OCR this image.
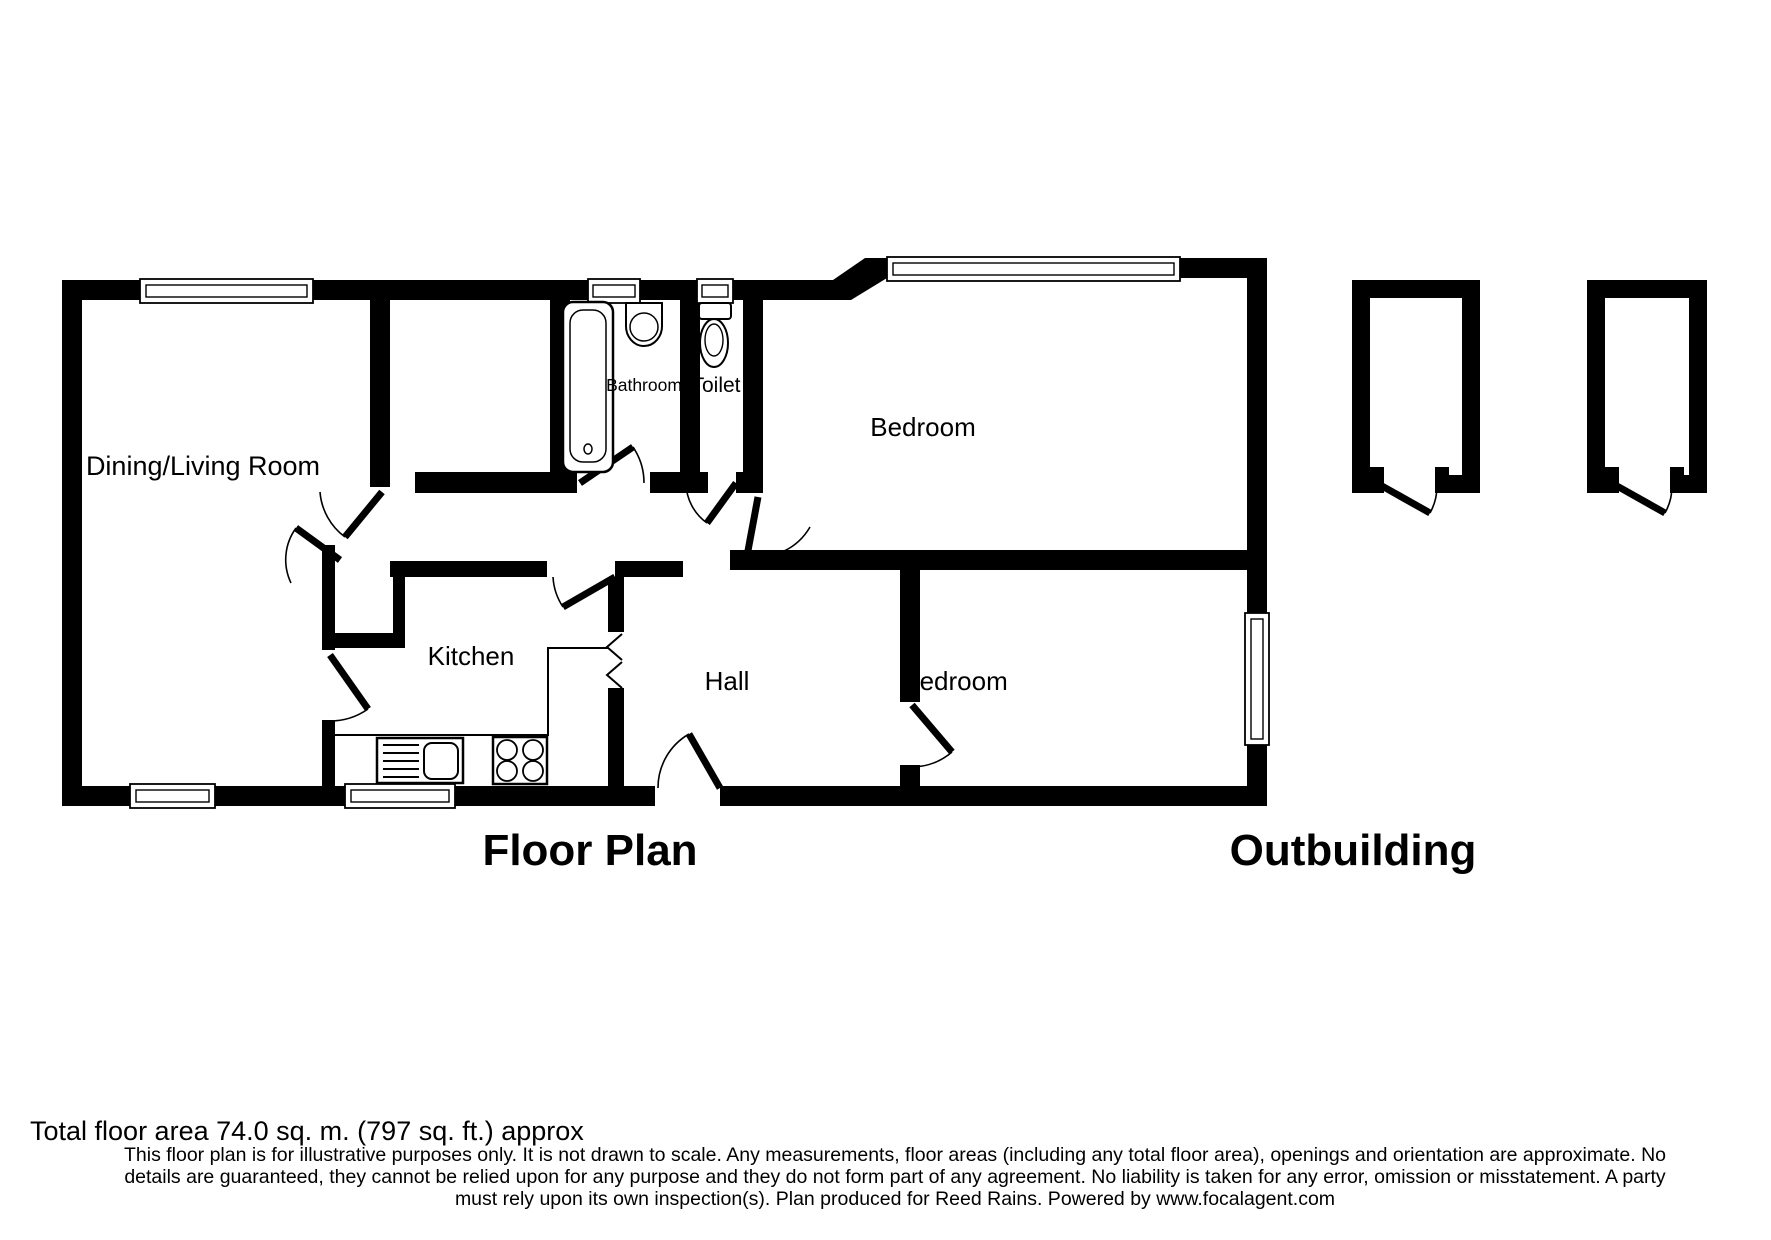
Dining/Living Room
Kitchen
Bathroom Toilet
Hall
Bedroom
Bedroom
Floor Plan	Outbuilding
Total floor area 74.0 sq. m. (797 sq. ft.) approx
This floor plan is for illustrative purposes only. It is not drawn to scale. Any measurements, floor areas (including any total floor area), openings and orientation are approximate. No
details are guaranteed, they cannot be relied upon for any purpose and they do not form part of any agreement. No liability is taken for any error, omission or misstatement. A party
must rely upon its own inspection(s). Plan produced for Reed Rains. Powered by www.focalagent.com
